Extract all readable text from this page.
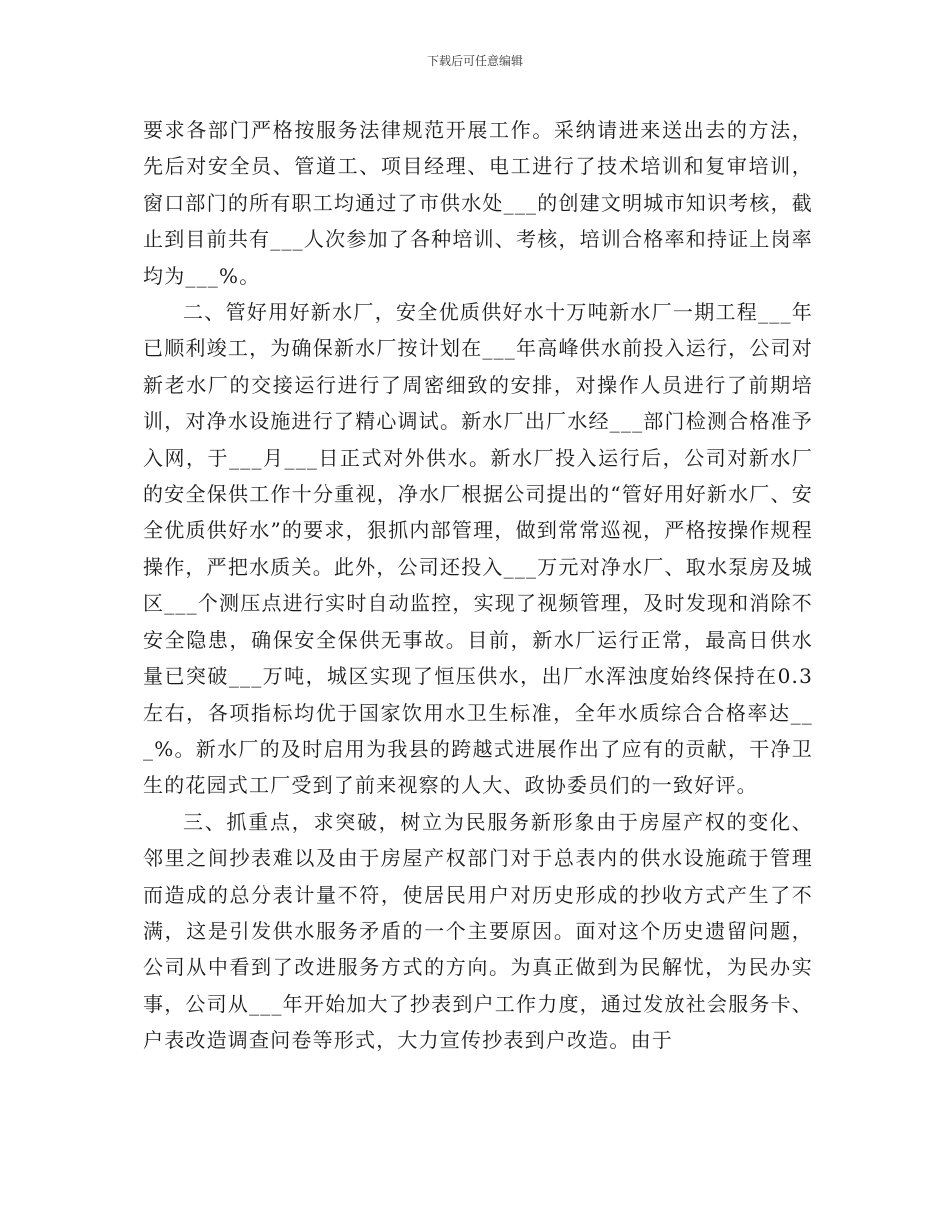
下载后可任意编辑

要求各部门严格按服务法律规范开展工作。采纳请进来送出去的方法，先后对安全员、管道工、项目经理、电工进行了技术培训和复审培训，窗口部门的所有职工均通过了市供水处___的创建文明城市知识考核，截止到目前共有___人次参加了各种培训、考核，培训合格率和持证上岗率均为___%。

二、管好用好新水厂，安全优质供好水十万吨新水厂一期工程___年已顺利竣工，为确保新水厂按计划在___年高峰供水前投入运行，公司对新老水厂的交接运行进行了周密细致的安排，对操作人员进行了前期培训，对净水设施进行了精心调试。新水厂出厂水经___部门检测合格准予入网，于___月___日正式对外供水。新水厂投入运行后，公司对新水厂的安全保供工作十分重视，净水厂根据公司提出的“管好用好新水厂、安全优质供好水”的要求，狠抓内部管理，做到常常巡视，严格按操作规程操作，严把水质关。此外，公司还投入___万元对净水厂、取水泵房及城区___个测压点进行实时自动监控，实现了视频管理，及时发现和消除不安全隐患，确保安全保供无事故。目前，新水厂运行正常，最高日供水量已突破___万吨，城区实现了恒压供水，出厂水浑浊度始终保持在0.3左右，各项指标均优于国家饮用水卫生标准，全年水质综合合格率达___%。新水厂的及时启用为我县的跨越式进展作出了应有的贡献，干净卫生的花园式工厂受到了前来视察的人大、政协委员们的一致好评。

三、抓重点，求突破，树立为民服务新形象由于房屋产权的变化、邻里之间抄表难以及由于房屋产权部门对于总表内的供水设施疏于管理而造成的总分表计量不符，使居民用户对历史形成的抄收方式产生了不满，这是引发供水服务矛盾的一个主要原因。面对这个历史遗留问题，公司从中看到了改进服务方式的方向。为真正做到为民解忧，为民办实事，公司从___年开始加大了抄表到户工作力度，通过发放社会服务卡、户表改造调查问卷等形式，大力宣传抄表到户改造。由于
